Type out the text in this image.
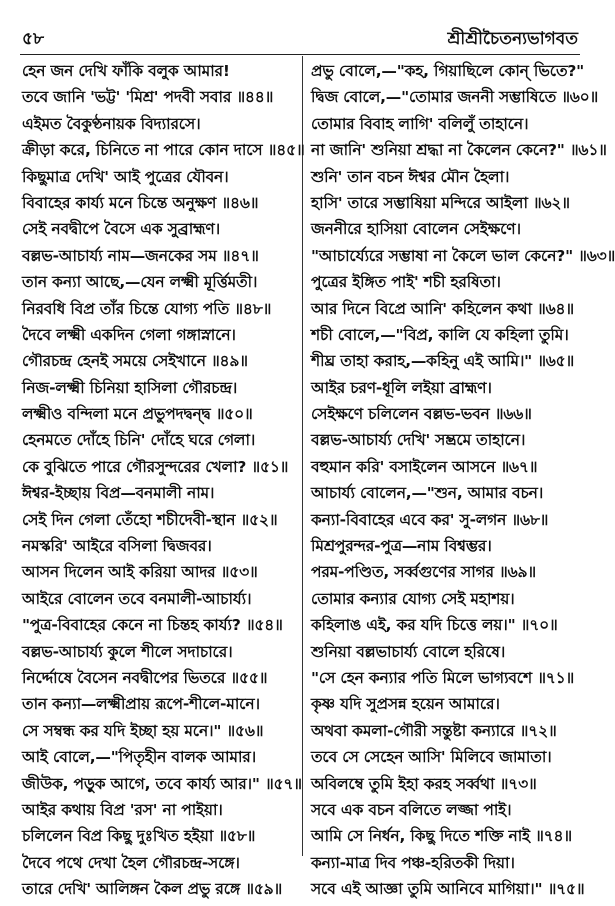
৫৮	শ্রীশ্রীচৈতন্যভাগবত
হেন জন দেখি ফাঁকি বলুক আমার!
তবে জানি 'ভট্ট' 'মিশ্র' পদবী সবার ॥৪৪॥
এইমত বৈকুণ্ঠনায়ক বিদ্যারসে।
ক্রীড়া করে, চিনিতে না পারে কোন দাসে ॥৪৫॥
কিছুমাত্র দেখি' আই পুত্রের যৌবন।
বিবাহের কার্য্য মনে চিন্তে অনুক্ষণ ॥৪৬॥
সেই নবদ্বীপে বৈসে এক সুব্রাহ্মণ।
বল্লভ-আচার্য্য নাম—জনকের সম ॥৪৭॥
তান কন্যা আছে,—যেন লক্ষ্মী মূর্ত্তিমতী।
নিরবধি বিপ্র তাঁর চিন্তে যোগ্য পতি ॥৪৮॥
দৈবে লক্ষ্মী একদিন গেলা গঙ্গাস্নানে।
গৌরচন্দ্র হেনই সময়ে সেইখানে ॥৪৯॥
নিজ-লক্ষ্মী চিনিয়া হাসিলা গৌরচন্দ্র।
লক্ষ্মীও বন্দিলা মনে প্রভুপদদ্বন্দ্ব ॥৫০॥
হেনমতে দোঁহে চিনি' দোঁহে ঘরে গেলা।
কে বুঝিতে পারে গৌরসুন্দরের খেলা? ॥৫১॥
ঈশ্বর-ইচ্ছায় বিপ্র—বনমালী নাম।
সেই দিন গেলা তেঁহো শচীদেবী-স্থান ॥৫২॥
নমস্করি' আইরে বসিলা দ্বিজবর।
আসন দিলেন আই করিয়া আদর ॥৫৩॥
আইরে বোলেন তবে বনমালী-আচার্য্য।
"পুত্র-বিবাহের কেনে না চিন্তহ কার্য্য? ॥৫৪॥
বল্লভ-আচার্য্য কুলে শীলে সদাচারে।
নির্দ্দোষে বৈসেন নবদ্বীপের ভিতরে ॥৫৫॥
তান কন্যা—লক্ষ্মীপ্রায় রূপে-শীলে-মানে।
সে সম্বন্ধ কর যদি ইচ্ছা হয় মনে।" ॥৫৬॥
আই বোলে,—"পিতৃহীন বালক আমার।
জীউক, পড়ুক আগে, তবে কার্য্য আর।" ॥৫৭॥
আইর কথায় বিপ্র 'রস' না পাইয়া।
চলিলেন বিপ্র কিছু দুঃখিত হইয়া ॥৫৮॥
দৈবে পথে দেখা হৈল গৌরচন্দ্র-সঙ্গে।
তারে দেখি' আলিঙ্গন কৈল প্রভু রঙ্গে ॥৫৯॥
প্রভু বোলে,—"কহ, গিয়াছিলে কোন্ ভিতে?"
দ্বিজ বোলে,—"তোমার জননী সম্ভাষিতে ॥৬০॥
তোমার বিবাহ লাগি' বলিলুঁ তাহানে।
না জানি' শুনিয়া শ্রদ্ধা না কৈলেন কেনে?" ॥৬১॥
শুনি' তান বচন ঈশ্বর মৌন হৈলা।
হাসি' তারে সম্ভাষিয়া মন্দিরে আইলা ॥৬২॥
জননীরে হাসিয়া বোলেন সেইক্ষণে।
"আচার্য্যেরে সম্ভাষা না কৈলে ভাল কেনে?" ॥৬৩॥
পুত্রের ইঙ্গিত পাই' শচী হরষিতা।
আর দিনে বিপ্রে আনি' কহিলেন কথা ॥৬৪॥
শচী বোলে,—"বিপ্র, কালি যে কহিলা তুমি।
শীঘ্র তাহা করাহ,—কহিনু এই আমি।" ॥৬৫॥
আইর চরণ-ধূলি লইয়া ব্রাহ্মণ।
সেইক্ষণে চলিলেন বল্লভ-ভবন ॥৬৬॥
বল্লভ-আচার্য্য দেখি' সম্ভ্রমে তাহানে।
বহুমান করি' বসাইলেন আসনে ॥৬৭॥
আচার্য্য বোলেন,—"শুন, আমার বচন।
কন্যা-বিবাহের এবে কর' সু-লগন ॥৬৮॥
মিশ্রপুরন্দর-পুত্র—নাম বিশ্বম্ভর।
পরম-পণ্ডিত, সর্ব্বগুণের সাগর ॥৬৯॥
তোমার কন্যার যোগ্য সেই মহাশয়।
কহিলাঙ এই, কর যদি চিত্তে লয়।" ॥৭০॥
শুনিয়া বল্লভাচার্য্য বোলে হরিষে।
"সে হেন কন্যার পতি মিলে ভাগ্যবশে ॥৭১॥
কৃষ্ণ যদি সুপ্রসন্ন হয়েন আমারে।
অথবা কমলা-গৌরী সন্তুষ্টা কন্যারে ॥৭২॥
তবে সে সেহেন আসি' মিলিবে জামাতা।
অবিলম্বে তুমি ইহা করহ সর্ব্বথা ॥৭৩॥
সবে এক বচন বলিতে লজ্জা পাই।
আমি সে নির্ধন, কিছু দিতে শক্তি নাই ॥৭৪॥
কন্যা-মাত্র দিব পঞ্চ-হরিতকী দিয়া।
সবে এই আজ্ঞা তুমি আনিবে মাগিয়া।" ॥৭৫॥
